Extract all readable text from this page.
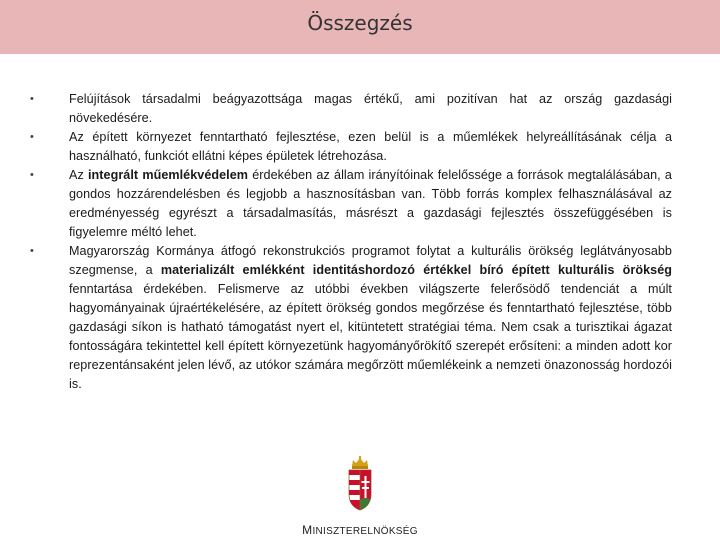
Összegzés
• Felújítások társadalmi beágyazottsága magas értékű, ami pozitívan hat az ország gazdasági növekedésére.
• Az épített környezet fenntartható fejlesztése, ezen belül is a műemlékek helyreállításának célja a használható, funkciót ellátni képes épületek létrehozása.
• Az integrált műemlékvédelem érdekében az állam irányítóinak felelőssége a források megtalálásában, a gondos hozzárendelésben és legjobb a hasznosításban van. Több forrás komplex felhasználásával az eredményesség egyrészt a társadalmasítás, másrészt a gazdasági fejlesztés összefüggésében is figyelemre méltó lehet.
• Magyarország Kormánya átfogó rekonstrukciós programot folytat a kulturális örökség leglátványosabb szegmense, a materializált emlékként identitáshordozó értékkel bíró épített kulturális örökség fenntartása érdekében. Felismerve az utóbbi években világszerte felerősödő tendenciát a múlt hagyományainak újraértékelésére, az épített örökség gondos megőrzése és fenntartható fejlesztése, több gazdasági síkon is hatható támogatást nyert el, kitüntetett stratégiai téma. Nem csak a turisztikai ágazat fontosságára tekintettel kell épített környezetünk hagyományőrökítő szerepét erősíteni: a minden adott kor reprezentánsaként jelen lévő, az utókor számára megőrzött műemlékeink a nemzeti önazonosság hordozói is.
MINISZTERELNÖKSÉG
